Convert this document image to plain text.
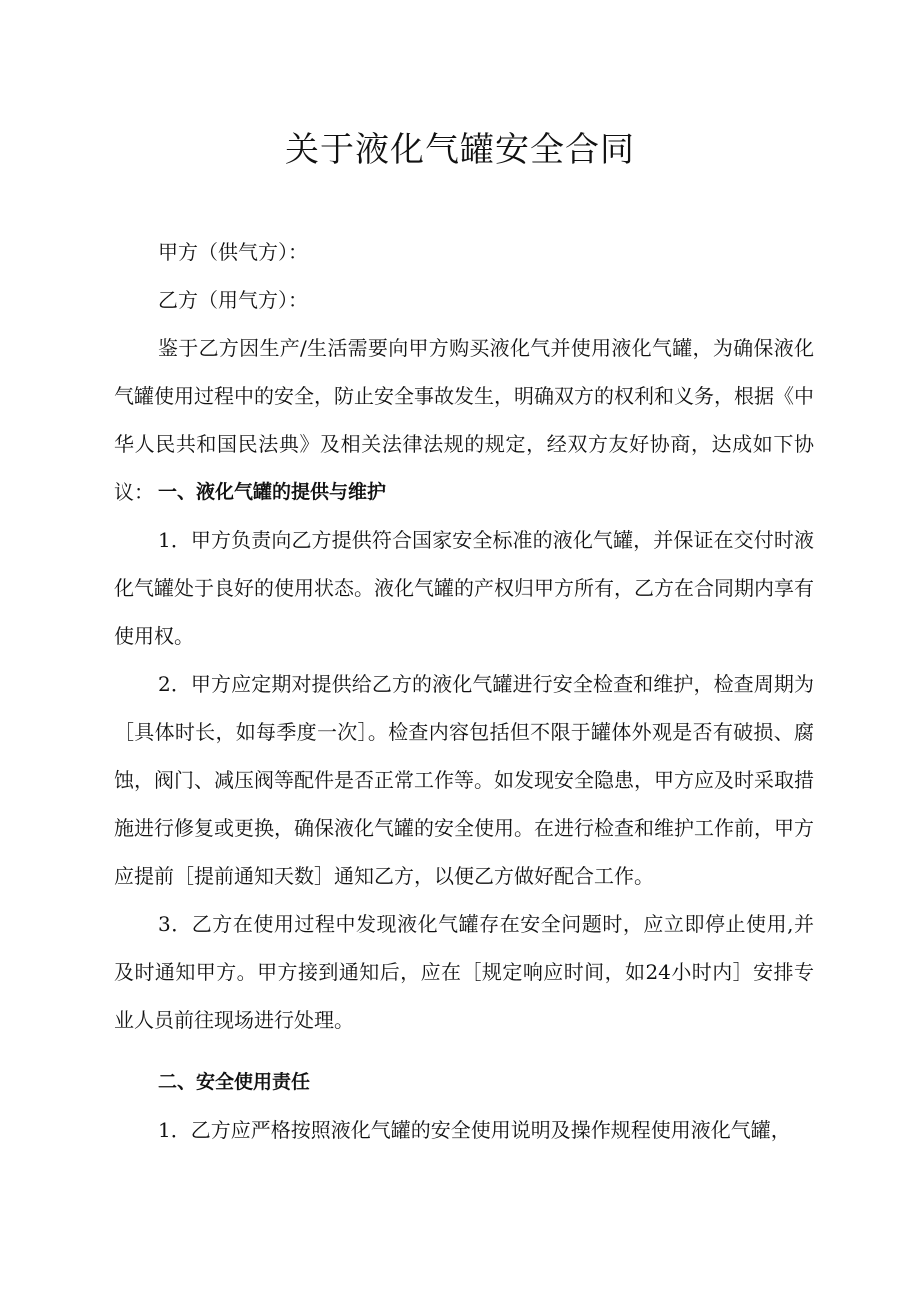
关于液化气罐安全合同

甲方（供气方）：

乙方（用气方）：

鉴于乙方因生产/生活需要向甲方购买液化气并使用液化气罐，为确保液化气罐使用过程中的安全，防止安全事故发生，明确双方的权利和义务，根据《中华人民共和国民法典》及相关法律法规的规定，经双方友好协商，达成如下协议： 一、液化气罐的提供与维护

1．甲方负责向乙方提供符合国家安全标准的液化气罐，并保证在交付时液化气罐处于良好的使用状态。液化气罐的产权归甲方所有，乙方在合同期内享有使用权。

2．甲方应定期对提供给乙方的液化气罐进行安全检查和维护，检查周期为［具体时长，如每季度一次］。检查内容包括但不限于罐体外观是否有破损、腐蚀，阀门、减压阀等配件是否正常工作等。如发现安全隐患，甲方应及时采取措施进行修复或更换，确保液化气罐的安全使用。在进行检查和维护工作前，甲方应提前［提前通知天数］通知乙方，以便乙方做好配合工作。

3．乙方在使用过程中发现液化气罐存在安全问题时，应立即停止使用,并及时通知甲方。甲方接到通知后，应在［规定响应时间，如24小时内］安排专业人员前往现场进行处理。

二、安全使用责任

1．乙方应严格按照液化气罐的安全使用说明及操作规程使用液化气罐，
